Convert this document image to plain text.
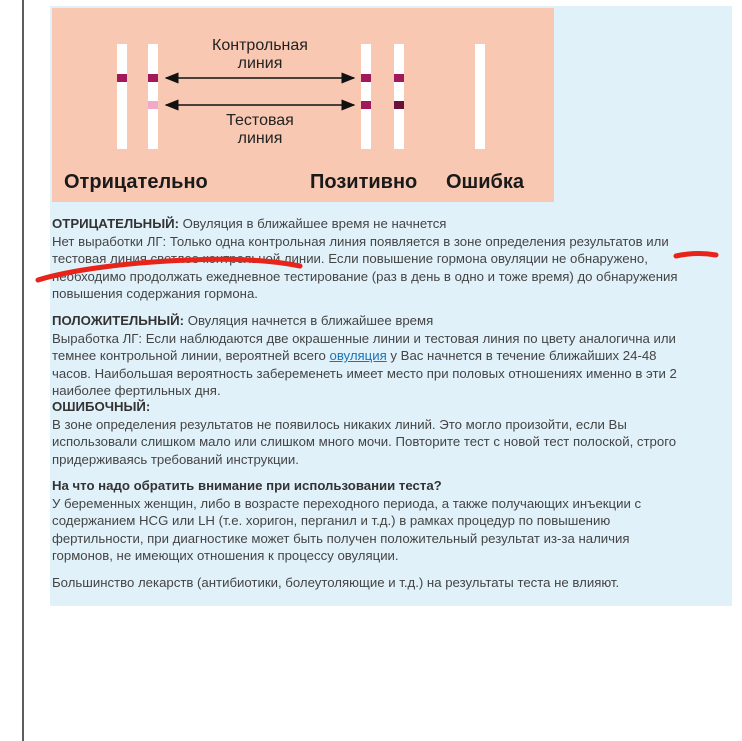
Контрольная
линия
Тестовая
линия
Отрицательно	Позитивно Ошибка

ОТРИЦАТЕЛЬНЫЙ: Овуляция в ближайшее время не начнется

Нет выработки ЛГ: Только одна контрольная линия появляется в зоне определения результатов или

тестовая линия светлее контрольной линии. Если повышение гормона овуляции не обнаружено,

необходимо продолжать ежедневное тестирование (раз в день в одно и тоже время) до обнаружения

повышения содержания гормона.

ПОЛОЖИТЕЛЬНЫЙ: Овуляция начнется в ближайшее время

Выработка ЛГ: Если наблюдаются две окрашенные линии и тестовая линия по цвету аналогична или

темнее контрольной линии, вероятней всего овуляция у Вас начнется в течение ближайших 24-48

часов. Наибольшая вероятность забеременеть имеет место при половых отношениях именно в эти 2

наиболее фертильных дня.

ОШИБОЧНЫЙ:

В зоне определения результатов не появилось никаких линий. Это могло произойти, если Вы

использовали слишком мало или слишком много мочи. Повторите тест с новой тест полоской, строго

придерживаясь требований инструкции.

На что надо обратить внимание при использовании теста?

У беременных женщин, либо в возрасте переходного периода, а также получающих инъекции с

содержанием HCG или LH (т.е. хоригон, перганил и т.д.) в рамках процедур по повышению

фертильности, при диагностике может быть получен положительный результат из-за наличия

гормонов, не имеющих отношения к процессу овуляции.

Большинство лекарств (антибиотики, болеутоляющие и т.д.) на результаты теста не влияют.
